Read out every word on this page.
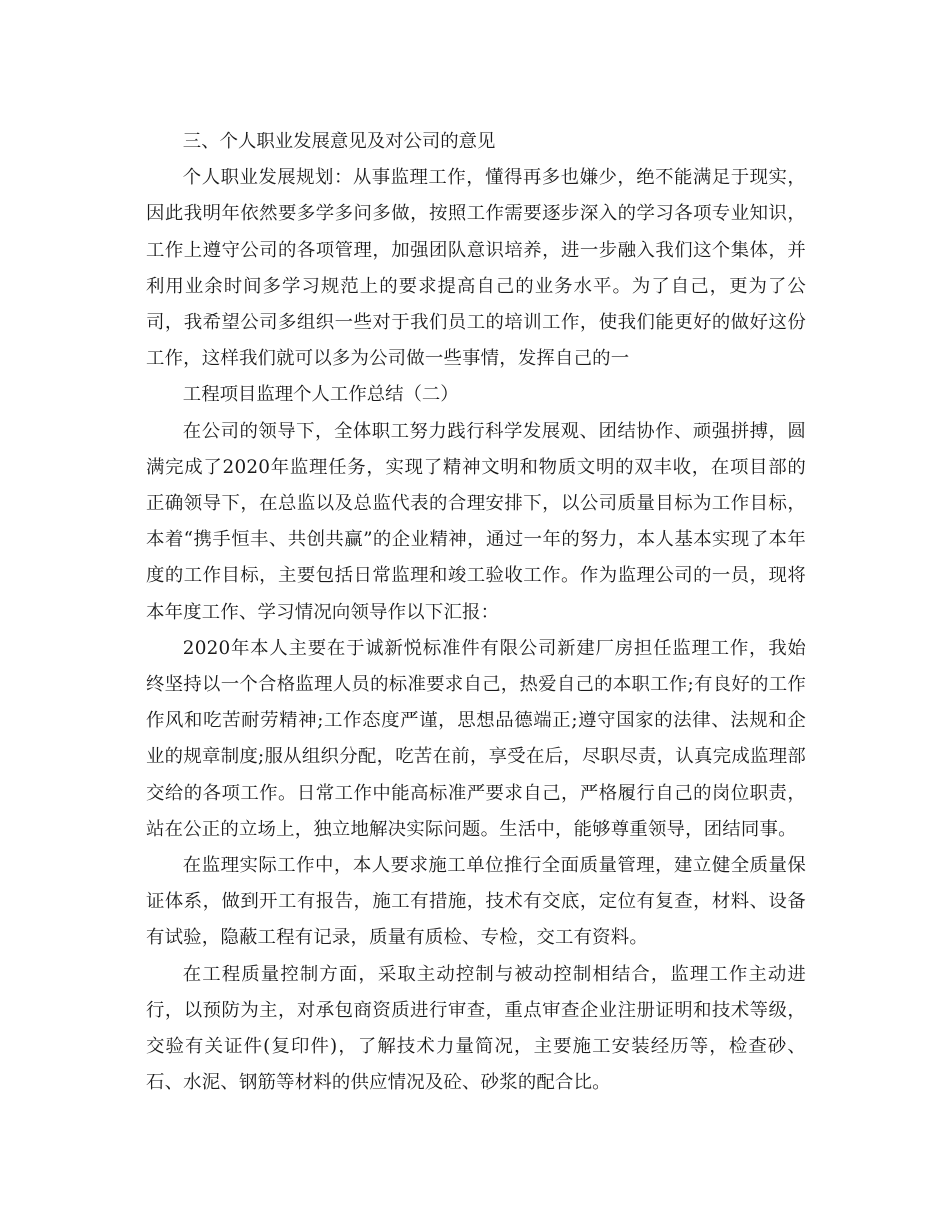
三、个人职业发展意见及对公司的意见

个人职业发展规划：从事监理工作，懂得再多也嫌少，绝不能满足于现实，因此我明年依然要多学多问多做，按照工作需要逐步深入的学习各项专业知识，工作上遵守公司的各项管理，加强团队意识培养，进一步融入我们这个集体，并利用业余时间多学习规范上的要求提高自己的业务水平。为了自己，更为了公司，我希望公司多组织一些对于我们员工的培训工作，使我们能更好的做好这份工作，这样我们就可以多为公司做一些事情，发挥自己的一

工程项目监理个人工作总结（二）

在公司的领导下，全体职工努力践行科学发展观、团结协作、顽强拼搏，圆满完成了2020年监理任务，实现了精神文明和物质文明的双丰收，在项目部的正确领导下，在总监以及总监代表的合理安排下，以公司质量目标为工作目标，本着“携手恒丰、共创共赢”的企业精神，通过一年的努力，本人基本实现了本年度的工作目标，主要包括日常监理和竣工验收工作。作为监理公司的一员，现将本年度工作、学习情况向领导作以下汇报：

2020年本人主要在于诚新悦标准件有限公司新建厂房担任监理工作，我始终坚持以一个合格监理人员的标准要求自己，热爱自己的本职工作;有良好的工作作风和吃苦耐劳精神;工作态度严谨，思想品德端正;遵守国家的法律、法规和企业的规章制度;服从组织分配，吃苦在前，享受在后，尽职尽责，认真完成监理部交给的各项工作。日常工作中能高标准严要求自己，严格履行自己的岗位职责，站在公正的立场上，独立地解决实际问题。生活中，能够尊重领导，团结同事。

在监理实际工作中，本人要求施工单位推行全面质量管理，建立健全质量保证体系，做到开工有报告，施工有措施，技术有交底，定位有复查，材料、设备有试验，隐蔽工程有记录，质量有质检、专检，交工有资料。

在工程质量控制方面，采取主动控制与被动控制相结合，监理工作主动进行，以预防为主，对承包商资质进行审查，重点审查企业注册证明和技术等级，交验有关证件(复印件)，了解技术力量简况，主要施工安装经历等，检查砂、石、水泥、钢筋等材料的供应情况及砼、砂浆的配合比。
